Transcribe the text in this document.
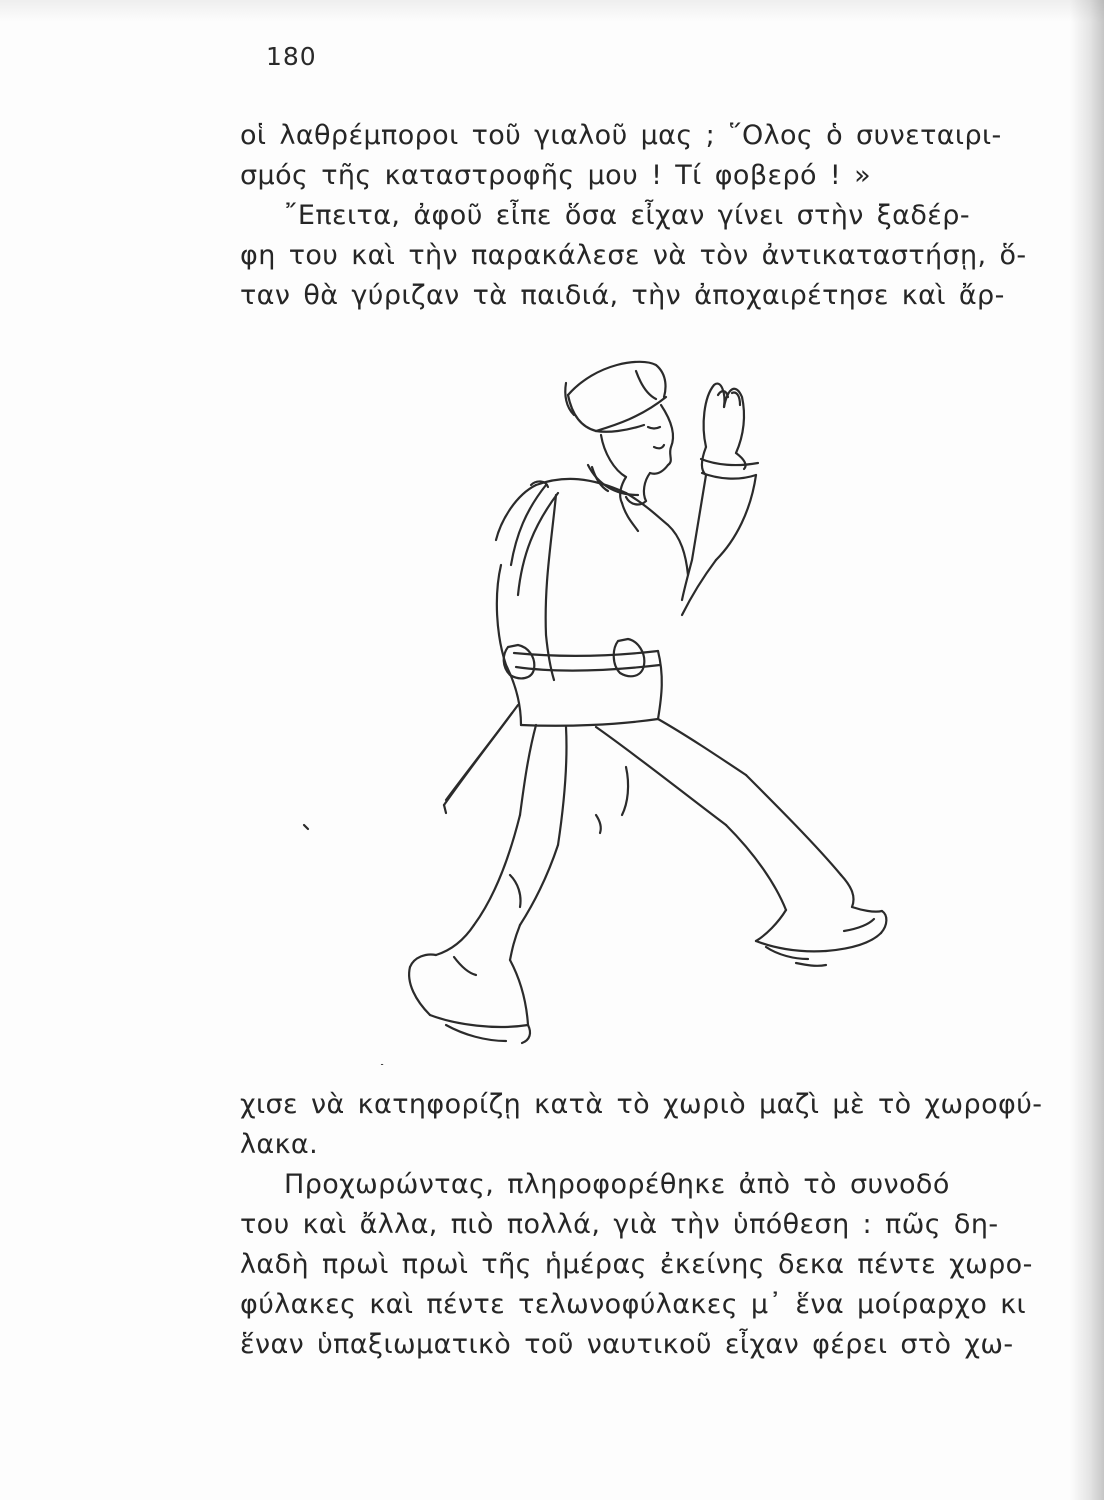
180
οἱ λαθρέμποροι τοῦ γιαλοῦ μας ; ῞Ολος ὁ συνεταιρι-
σμός τῆς καταστροφῆς μου ! Τί φοβερό ! »
῎Επειτα, ἀφοῦ εἶπε ὅσα εἶχαν γίνει στὴν ξαδέρ-
φη του καὶ τὴν παρακάλεσε νὰ τὸν ἀντικαταστήσῃ, ὅ-
ταν θὰ γύριζαν τὰ παιδιά, τὴν ἀποχαιρέτησε καὶ ἄρ-
χισε νὰ κατηφορίζῃ κατὰ τὸ χωριὸ μαζὶ μὲ τὸ χωροφύ-
λακα.
Προχωρώντας, πληροφορέθηκε ἀπὸ τὸ συνοδό
του καὶ ἄλλα, πιὸ πολλά, γιὰ τὴν ὑπόθεση : πῶς δη-
λαδὴ πρωὶ πρωὶ τῆς ἡμέρας ἐκείνης δεκα πέντε χωρο-
φύλακες καὶ πέντε τελωνοφύλακες μ᾽ ἕνα μοίραρχο κι
ἕναν ὑπαξιωματικὸ τοῦ ναυτικοῦ εἶχαν φέρει στὸ χω-
